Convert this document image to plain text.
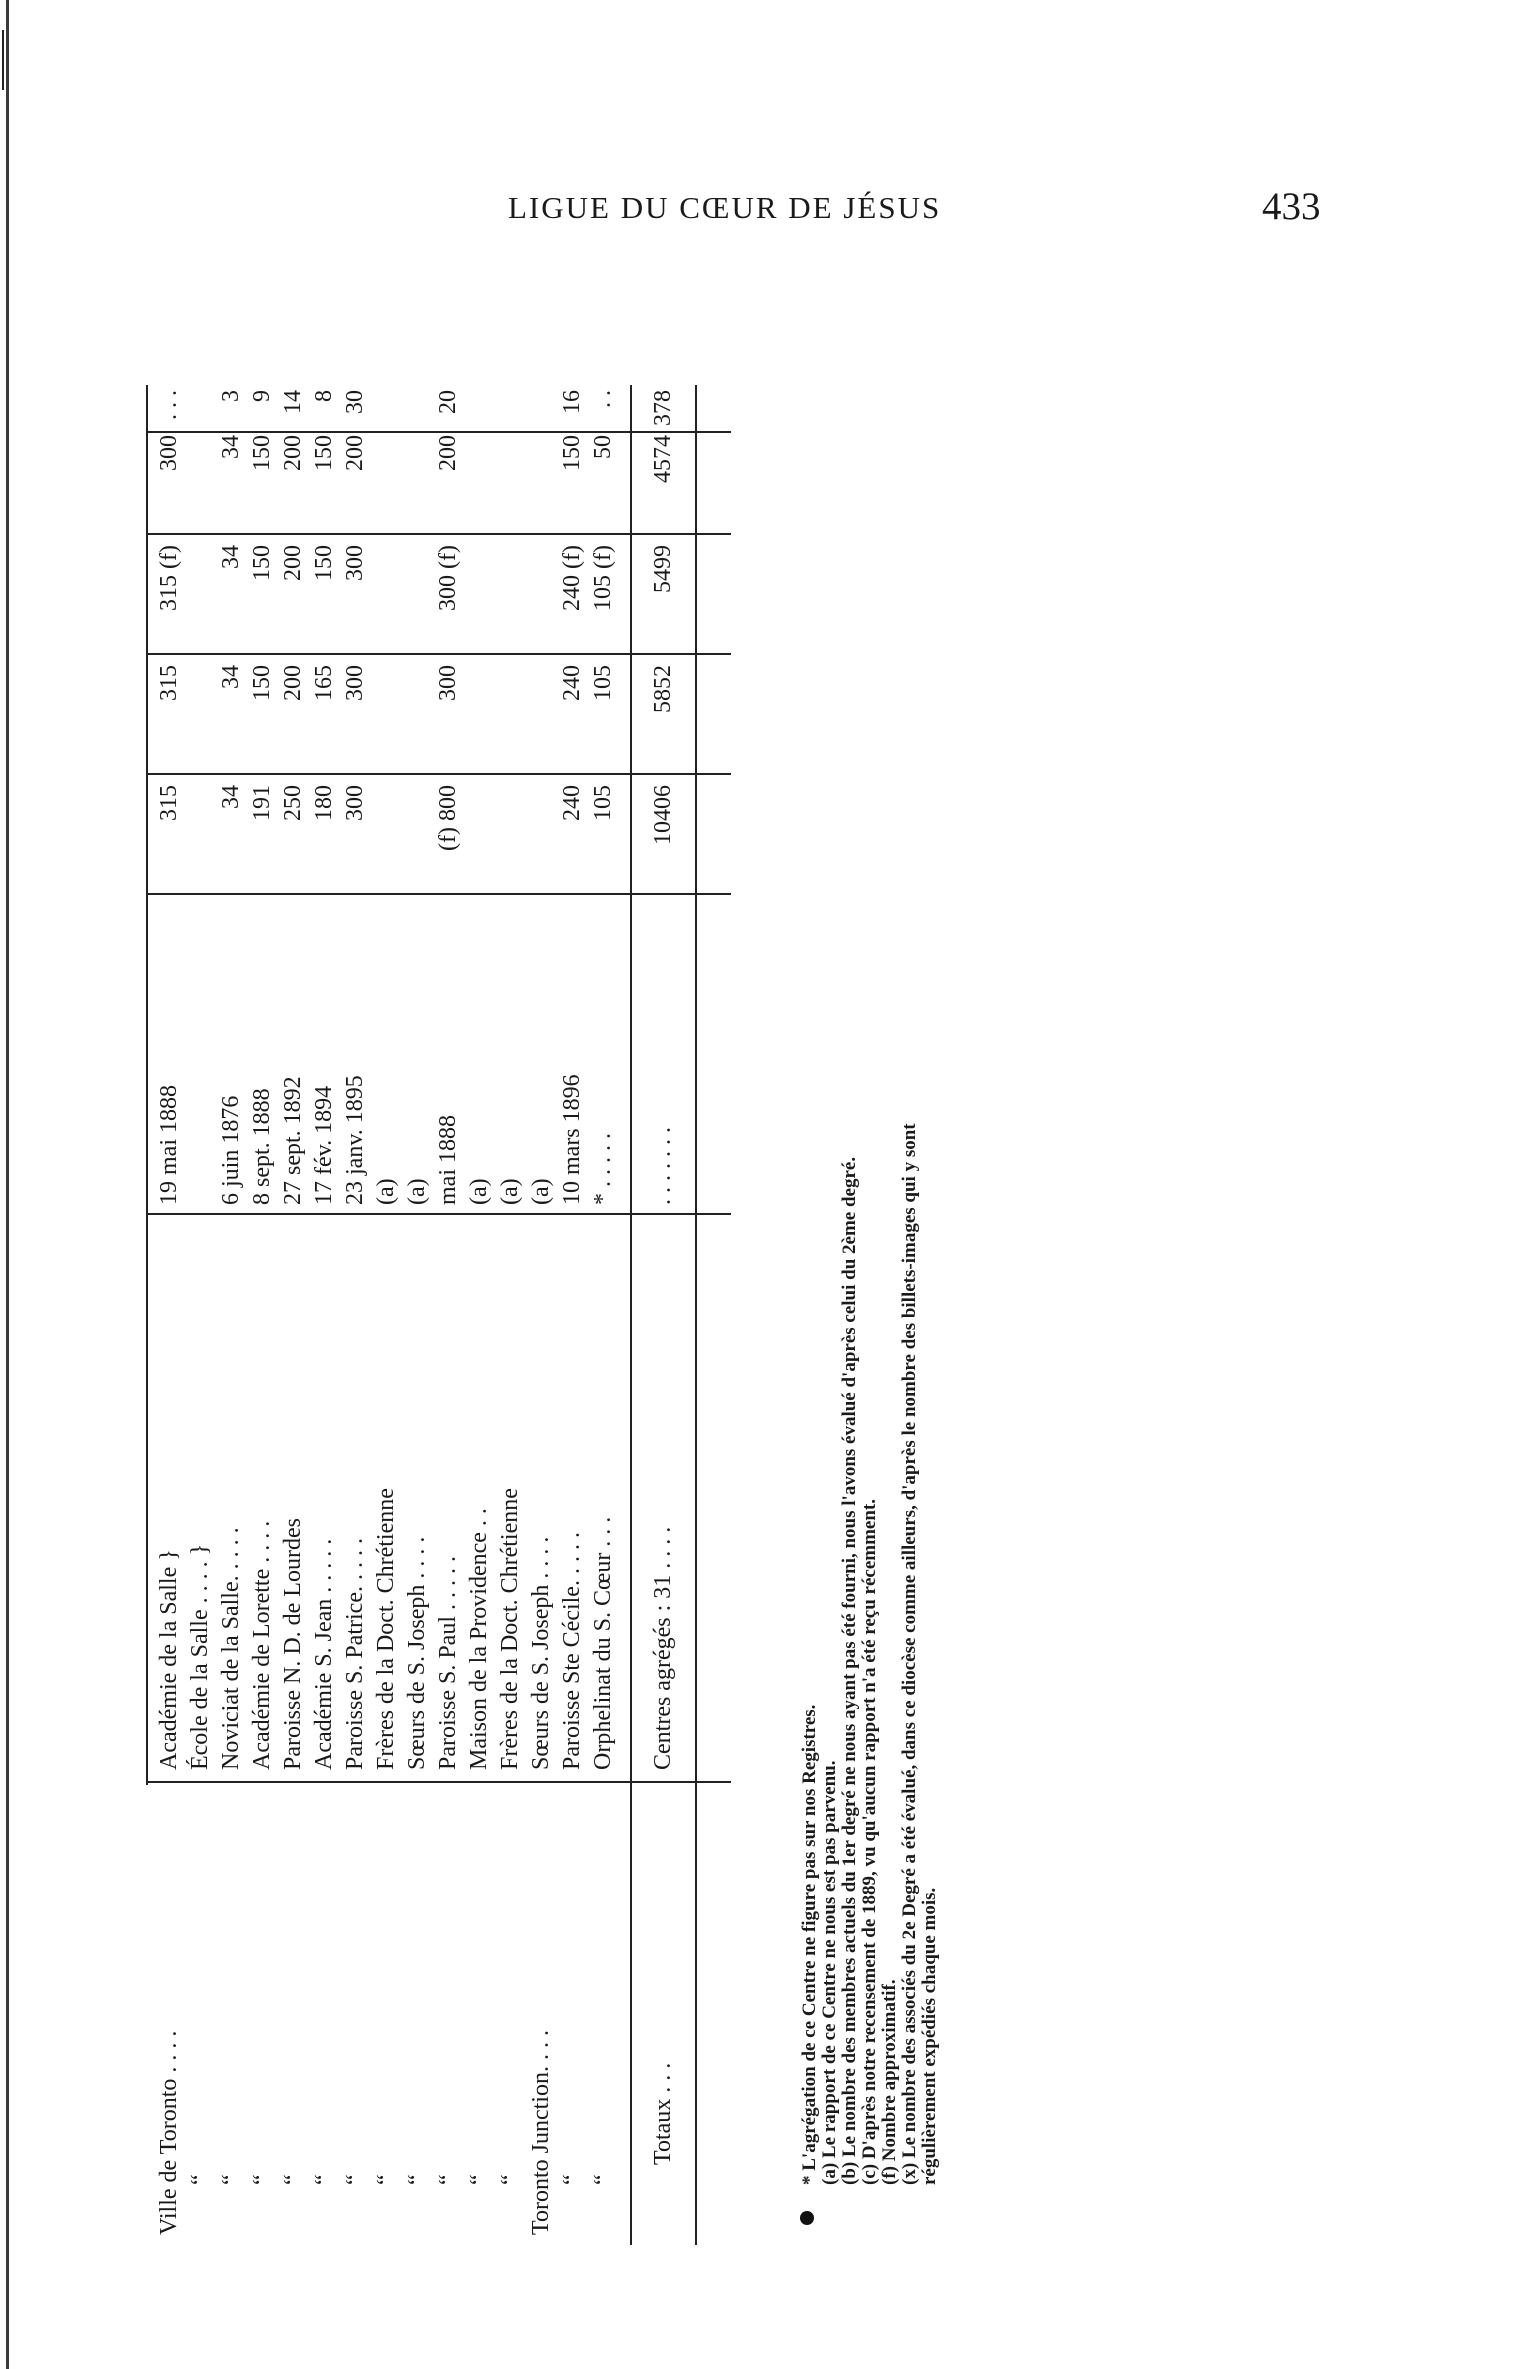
LIGUE DU CŒUR DE JÉSUS	433
Ville de Toronto . . . .
Académie de la Salle }
19 mai 1888
315
315
315 (f)
300
. . .
“
École de la Salle . . . . }
“
Noviciat de la Salle. . . . .
6 juin 1876
34
34
34
34
3
“
Académie de Lorette . . . .
8 sept. 1888
191
150
150
150
9
“
Paroisse N. D. de Lourdes
27 sept. 1892
250
200
200
200
14
“
Académie S. Jean . . . . .
17 fév. 1894
180
165
150
150
8
“
Paroisse S. Patrice. . . . .
23 janv. 1895
300
300
300
200
30
“
Frères de la Doct. Chrétienne
(a)
“
Sœurs de S. Joseph . . . .
(a)
“
Paroisse S. Paul . . . . .
mai 1888
(f) 800
300
300 (f)
200
20
“
Maison de la Providence . .
(a)
“
Frères de la Doct. Chrétienne
(a)
Toronto Junction. . . .
Sœurs de S. Joseph . . . .
(a)
“
Paroisse Ste Cécile. . . . .
10 mars 1896
240
240
240 (f)
150
16
“
Orphelinat du S. Cœur . . .
* . . . . .
105
105
105 (f)
50
. .
Totaux . . .
Centres agrégés : 31 . . . .
. . . . . . .
10406
5852
5499
4574
378
* L'agrégation de ce Centre ne figure pas sur nos Registres. (a) Le rapport de ce Centre ne nous est pas parvenu. (b) Le nombre des membres actuels du 1er degré ne nous ayant pas été fourni, nous l'avons évalué d'après celui du 2ème degré. (c) D'après notre recensement de 1889, vu qu'aucun rapport n'a été reçu récemment. (f) Nombre approximatif. (x) Le nombre des associés du 2e Degré a été évalué, dans ce diocèse comme ailleurs, d'après le nombre des billets-images qui y sont régulièrement expédiés chaque mois.
